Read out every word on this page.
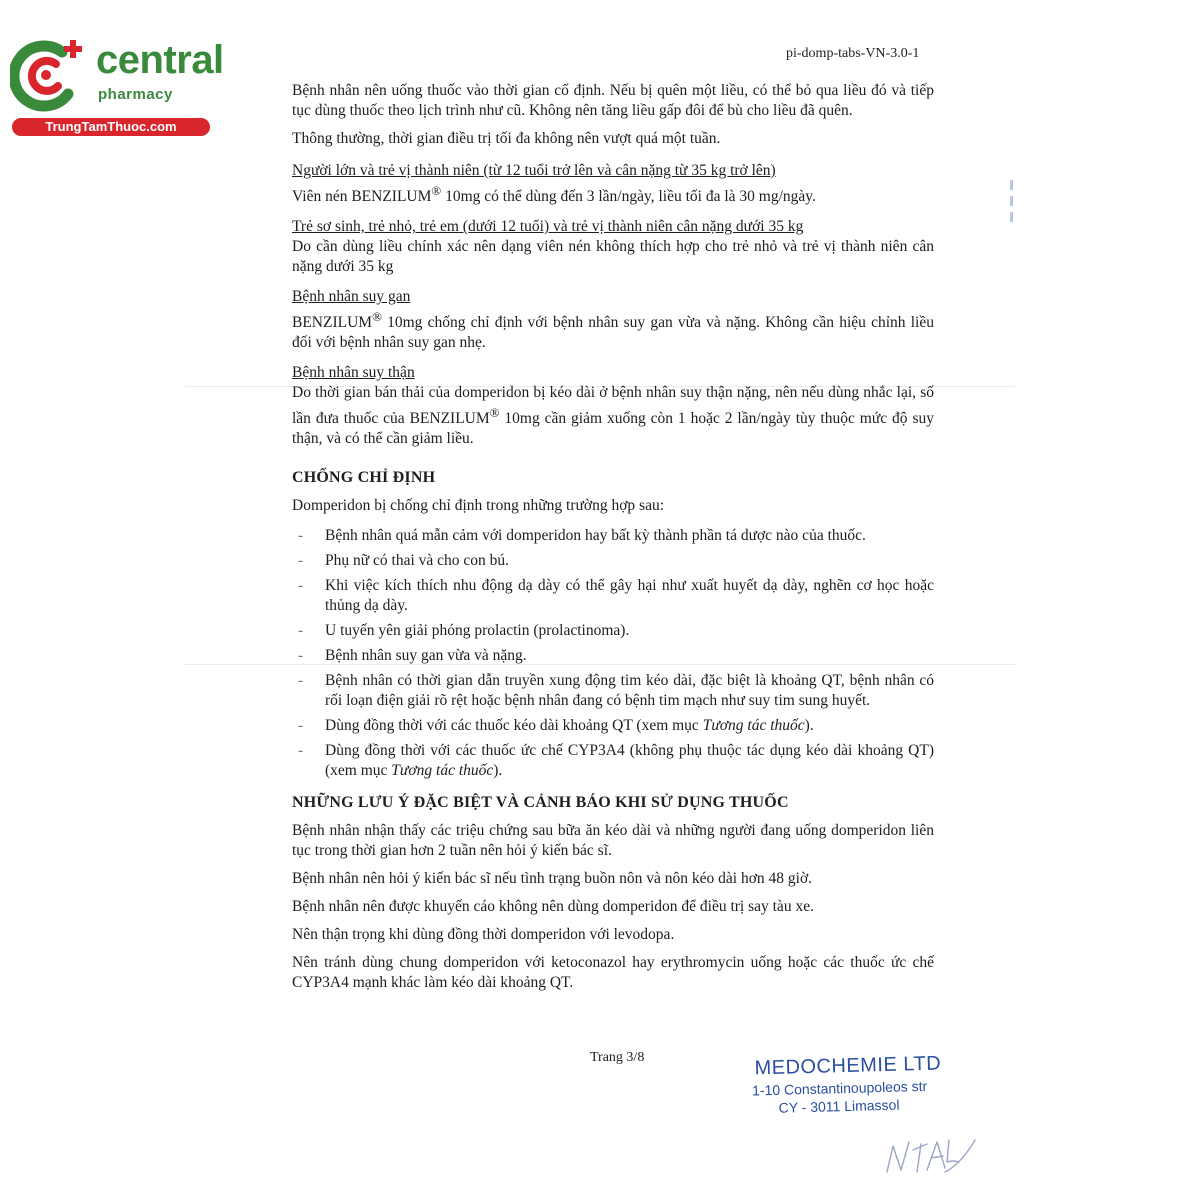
central
pharmacy
TrungTamThuoc.com
pi-domp-tabs-VN-3.0-1

Bệnh nhân nên uống thuốc vào thời gian cố định. Nếu bị quên một liều, có thể bỏ qua liều đó và tiếp tục dùng thuốc theo lịch trình như cũ. Không nên tăng liều gấp đôi để bù cho liều đã quên.

Thông thường, thời gian điều trị tối đa không nên vượt quá một tuần.

Người lớn và trẻ vị thành niên (từ 12 tuổi trở lên và cân nặng từ 35 kg trở lên)

Viên nén BENZILUM® 10mg có thể dùng đến 3 lần/ngày, liều tối đa là 30 mg/ngày.

Trẻ sơ sinh, trẻ nhỏ, trẻ em (dưới 12 tuổi) và trẻ vị thành niên cân nặng dưới 35 kg

Do cần dùng liều chính xác nên dạng viên nén không thích hợp cho trẻ nhỏ và trẻ vị thành niên cân nặng dưới 35 kg

Bệnh nhân suy gan

BENZILUM® 10mg chống chỉ định với bệnh nhân suy gan vừa và nặng. Không cần hiệu chỉnh liều đối với bệnh nhân suy gan nhẹ.

Bệnh nhân suy thận

Do thời gian bán thải của domperidon bị kéo dài ở bệnh nhân suy thận nặng, nên nếu dùng nhắc lại, số lần đưa thuốc của BENZILUM® 10mg cần giảm xuống còn 1 hoặc 2 lần/ngày tùy thuộc mức độ suy thận, và có thể cần giảm liều.

CHỐNG CHỈ ĐỊNH

Domperidon bị chống chỉ định trong những trường hợp sau:

- Bệnh nhân quá mẫn cảm với domperidon hay bất kỳ thành phần tá dược nào của thuốc.
- Phụ nữ có thai và cho con bú.
- Khi việc kích thích nhu động dạ dày có thể gây hại như xuất huyết dạ dày, nghẽn cơ học hoặc thủng dạ dày.
- U tuyến yên giải phóng prolactin (prolactinoma).
- Bệnh nhân suy gan vừa và nặng.
- Bệnh nhân có thời gian dẫn truyền xung động tim kéo dài, đặc biệt là khoảng QT, bệnh nhân có rối loạn điện giải rõ rệt hoặc bệnh nhân đang có bệnh tim mạch như suy tim sung huyết.
- Dùng đồng thời với các thuốc kéo dài khoảng QT (xem mục Tương tác thuốc).
- Dùng đồng thời với các thuốc ức chế CYP3A4 (không phụ thuộc tác dụng kéo dài khoảng QT) (xem mục Tương tác thuốc).
NHỮNG LƯU Ý ĐẶC BIỆT VÀ CẢNH BÁO KHI SỬ DỤNG THUỐC

Bệnh nhân nhận thấy các triệu chứng sau bữa ăn kéo dài và những người đang uống domperidon liên tục trong thời gian hơn 2 tuần nên hỏi ý kiến bác sĩ.

Bệnh nhân nên hỏi ý kiến bác sĩ nếu tình trạng buồn nôn và nôn kéo dài hơn 48 giờ.

Bệnh nhân nên được khuyến cáo không nên dùng domperidon để điều trị say tàu xe.

Nên thận trọng khi dùng đồng thời domperidon với levodopa.

Nên tránh dùng chung domperidon với ketoconazol hay erythromycin uống hoặc các thuốc ức chế CYP3A4 mạnh khác làm kéo dài khoảng QT.

Trang 3/8	MEDOCHEMIE LTD
1-10 Constantinoupoleos str
CY - 3011 Limassol
